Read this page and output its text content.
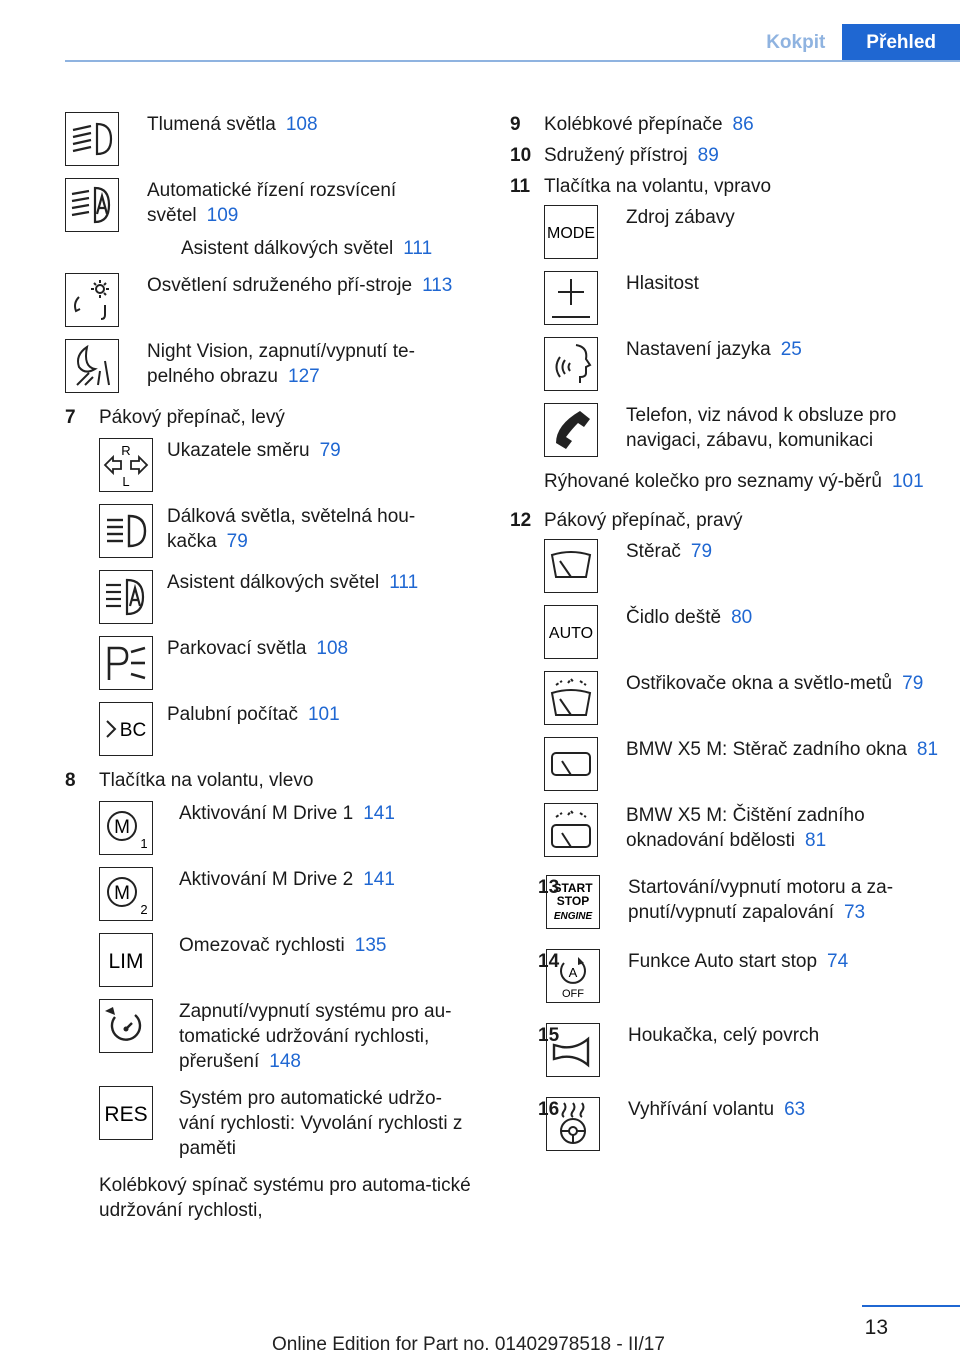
Kokpit	Přehled
Tlumená světla 108
Automatické řízení rozsvícení světel 109
Asistent dálkových světel 111
Osvětlení sdruženého pří-stroje 113
Night Vision, zapnutí/vypnutí te-pelného obrazu 127
7 Pákový přepínač, levý
R
L
Ukazatele směru 79
Dálková světla, světelná hou-kačka 79
Asistent dálkových světel 111
Parkovací světla 108
BC
Palubní počítač 101
8 Tlačítka na volantu, vlevo
M
1
Aktivování M Drive 1 141
M
2
Aktivování M Drive 2 141
LIM
Omezovač rychlosti 135
Zapnutí/vypnutí systému pro au-tomatické udržování rychlosti, přerušení 148
RES
Systém pro automatické udržo-vání rychlosti: Vyvolání rychlosti z paměti
Kolébkový spínač systému pro automa-tické udržování rychlosti,
9 Kolébkové přepínače 86
10 Sdružený přístroj 89
11 Tlačítka na volantu, vpravo
MODE
Zdroj zábavy
Hlasitost
Nastavení jazyka 25
Telefon, viz návod k obsluze pro navigaci, zábavu, komunikaci
Rýhované kolečko pro seznamy vý-běrů 101
12 Pákový přepínač, pravý
Stěrač 79
AUTO
Čidlo deště 80
Ostřikovače okna a světlo-metů 79
BMW X5 M: Stěrač zadního okna 81
BMW X5 M: Čištění zadního oknadování bdělosti 81
13
START
STOP
ENGINE
Startování/vypnutí motoru a za-pnutí/vypnutí zapalování 73
14
A
OFF
Funkce Auto start stop 74
15	Houkačka, celý povrch
16	Vyhřívání volantu 63
13
Online Edition for Part no. 01402978518 - II/17
